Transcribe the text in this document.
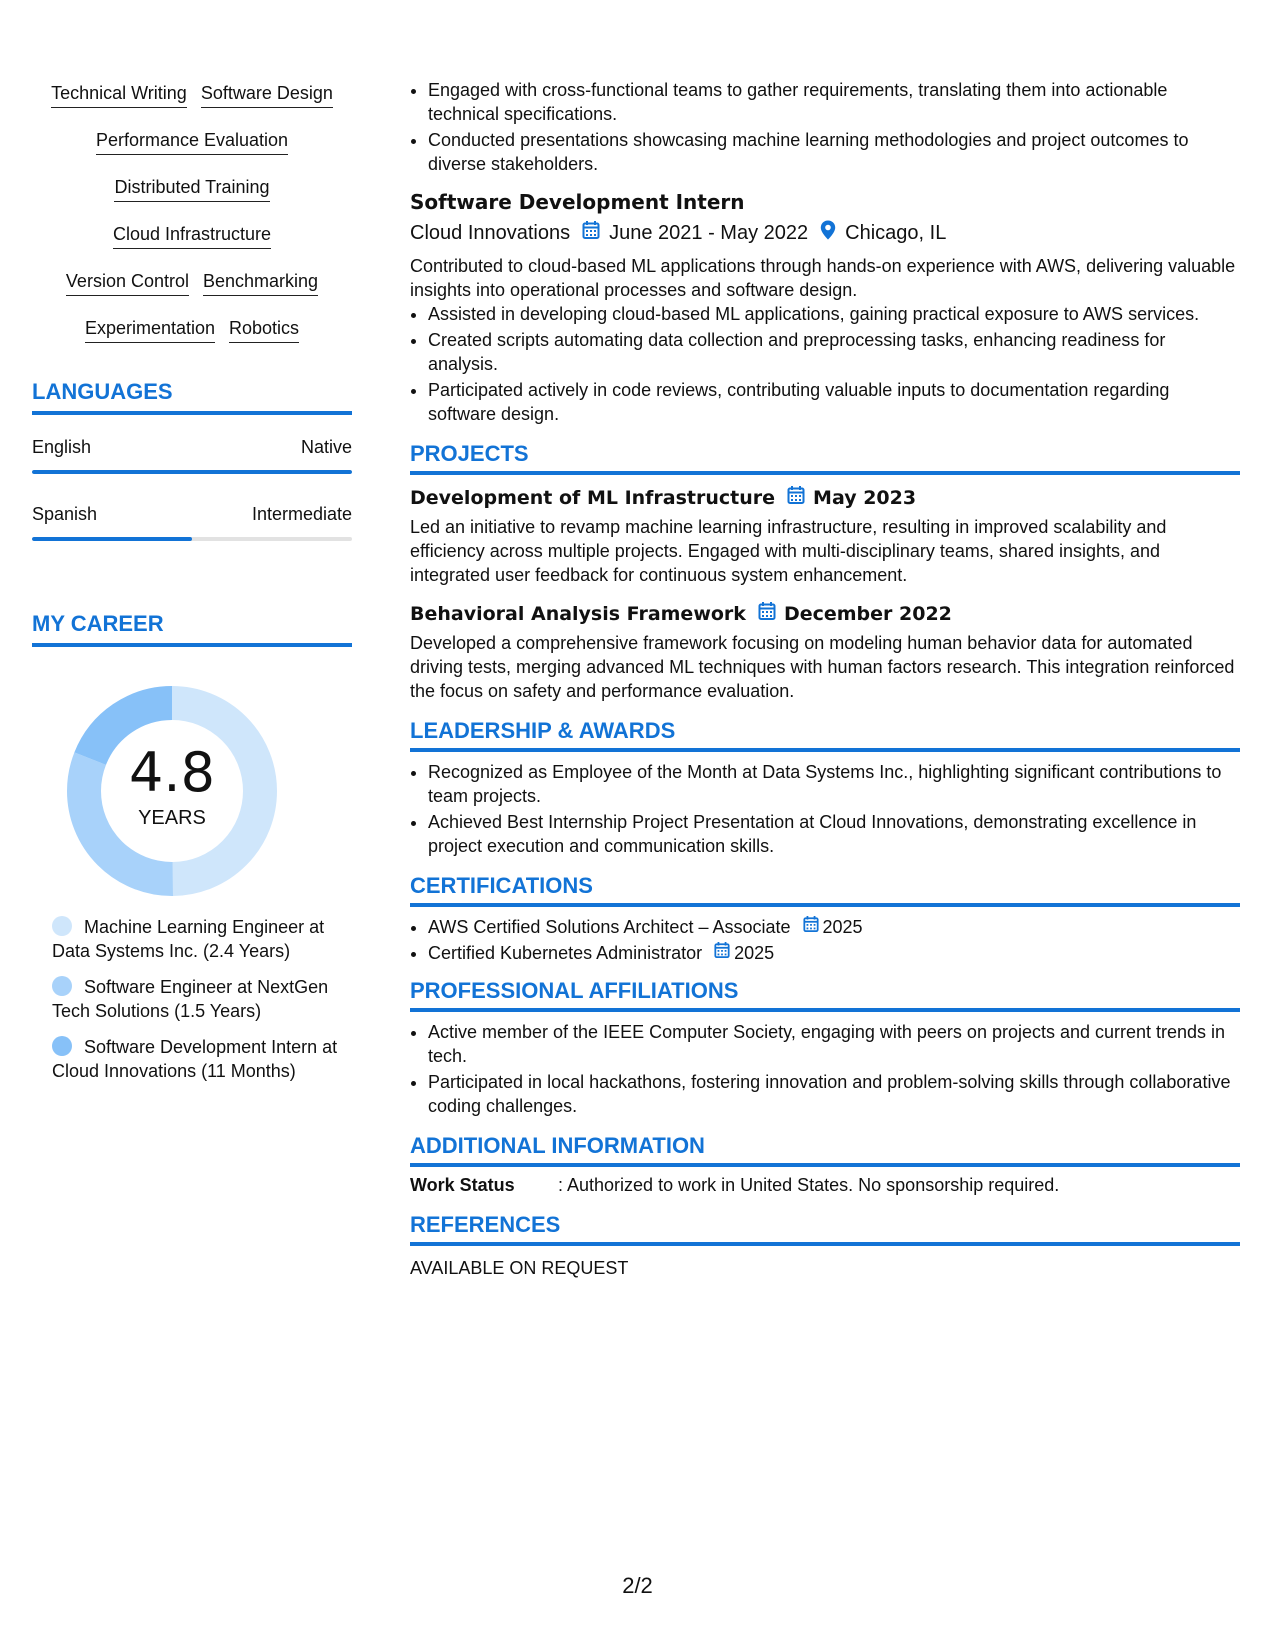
Technical Writing Software Design
Performance Evaluation
Distributed Training
Cloud Infrastructure
Version Control Benchmarking
Experimentation Robotics
LANGUAGES
English	Native
Spanish	Intermediate
MY CAREER
4.8
YEARS
Machine Learning Engineer at Data Systems Inc. (2.4 Years)
Software Engineer at NextGen Tech Solutions (1.5 Years)
Software Development Intern at Cloud Innovations (11 Months)
• Engaged with cross-functional teams to gather requirements, translating them into actionable technical specifications.
• Conducted presentations showcasing machine learning methodologies and project outcomes to diverse stakeholders.
Software Development Intern
Cloud Innovations June 2021 - May 2022 Chicago, IL
Contributed to cloud-based ML applications through hands-on experience with AWS, delivering valuable insights into operational processes and software design.
• Assisted in developing cloud-based ML applications, gaining practical exposure to AWS services.
• Created scripts automating data collection and preprocessing tasks, enhancing readiness for analysis.
• Participated actively in code reviews, contributing valuable inputs to documentation regarding software design.
PROJECTS
Development of ML Infrastructure May 2023
Led an initiative to revamp machine learning infrastructure, resulting in improved scalability and efficiency across multiple projects. Engaged with multi-disciplinary teams, shared insights, and integrated user feedback for continuous system enhancement.
Behavioral Analysis Framework December 2022
Developed a comprehensive framework focusing on modeling human behavior data for automated driving tests, merging advanced ML techniques with human factors research. This integration reinforced the focus on safety and performance evaluation.
LEADERSHIP & AWARDS
• Recognized as Employee of the Month at Data Systems Inc., highlighting significant contributions to team projects.
• Achieved Best Internship Project Presentation at Cloud Innovations, demonstrating excellence in project execution and communication skills.
CERTIFICATIONS
• AWS Certified Solutions Architect – Associate 2025
• Certified Kubernetes Administrator 2025
PROFESSIONAL AFFILIATIONS
• Active member of the IEEE Computer Society, engaging with peers on projects and current trends in tech.
• Participated in local hackathons, fostering innovation and problem-solving skills through collaborative coding challenges.
ADDITIONAL INFORMATION
Work Status	: Authorized to work in United States. No sponsorship required.
REFERENCES
AVAILABLE ON REQUEST
2/2
